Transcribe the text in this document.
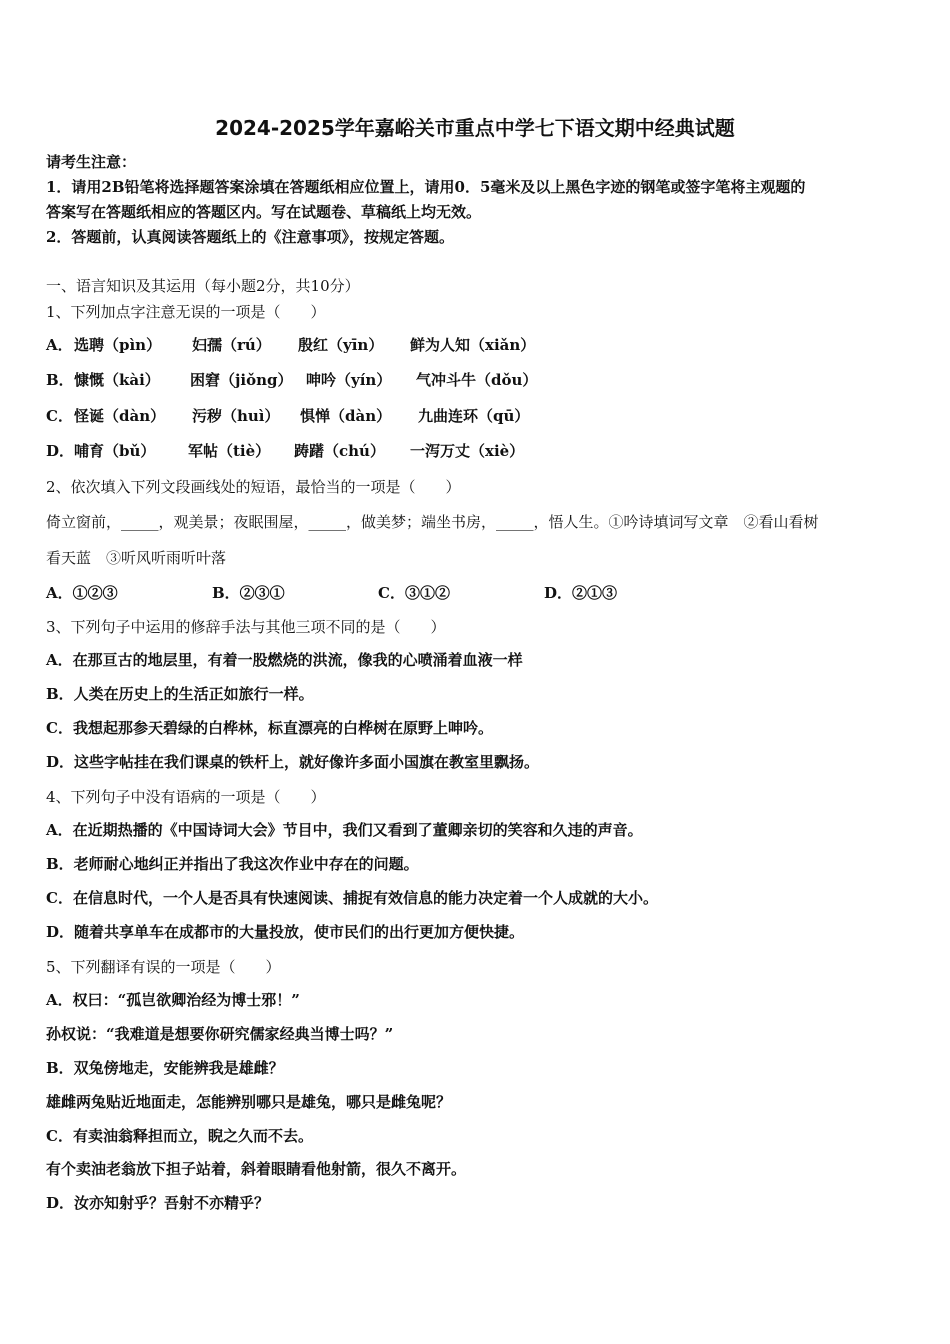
2024-2025学年嘉峪关市重点中学七下语文期中经典试题
请考生注意：
1．请用2B铅笔将选择题答案涂填在答题纸相应位置上，请用0．5毫米及以上黑色字迹的钢笔或签字笔将主观题的
答案写在答题纸相应的答题区内。写在试题卷、草稿纸上均无效。
2．答题前，认真阅读答题纸上的《注意事项》，按规定答题。
一、语言知识及其运用（每小题2分，共10分）
1、下列加点字注意无误的一项是（　　）
A． 选聘（pìn） 妇孺（rú） 殷红（yīn） 鲜为人知（xiǎn）
B． 慷慨（kài） 困窘（jiǒng） 呻吟（yín） 气冲斗牛（dǒu）
C． 怪诞（dàn） 污秽（huì） 惧惮（dàn） 九曲连环（qū）
D． 哺育（bǔ） 军帖（tiè） 踌躇（chú） 一泻万丈（xiè）
2、依次填入下列文段画线处的短语，最恰当的一项是（　　）
倚立窗前，_____，观美景；夜眠围屋，_____，做美梦；端坐书房，_____，悟人生。①吟诗填词写文章　②看山看树
看天蓝　③听风听雨听叶落
A．①②③	B．②③①	C．③①②	D．②①③
3、下列句子中运用的修辞手法与其他三项不同的是（　　）
A．在那亘古的地层里，有着一股燃烧的洪流，像我的心喷涌着血液一样
B．人类在历史上的生活正如旅行一样。
C．我想起那参天碧绿的白桦林，标直漂亮的白桦树在原野上呻吟。
D．这些字帖挂在我们课桌的铁杆上，就好像许多面小国旗在教室里飘扬。
4、下列句子中没有语病的一项是（　　）
A．在近期热播的《中国诗词大会》节目中，我们又看到了董卿亲切的笑容和久违的声音。
B．老师耐心地纠正并指出了我这次作业中存在的问题。
C．在信息时代，一个人是否具有快速阅读、捕捉有效信息的能力决定着一个人成就的大小。
D．随着共享单车在成都市的大量投放，使市民们的出行更加方便快捷。
5、下列翻译有误的一项是（　　）
A．权曰：“孤岂欲卿治经为博士邪！”
孙权说：“我难道是想要你研究儒家经典当博士吗？”
B．双兔傍地走，安能辨我是雄雌？
雄雌两兔贴近地面走，怎能辨别哪只是雄兔，哪只是雌兔呢？
C．有卖油翁释担而立，睨之久而不去。
有个卖油老翁放下担子站着，斜着眼睛看他射箭，很久不离开。
D．汝亦知射乎？吾射不亦精乎？
